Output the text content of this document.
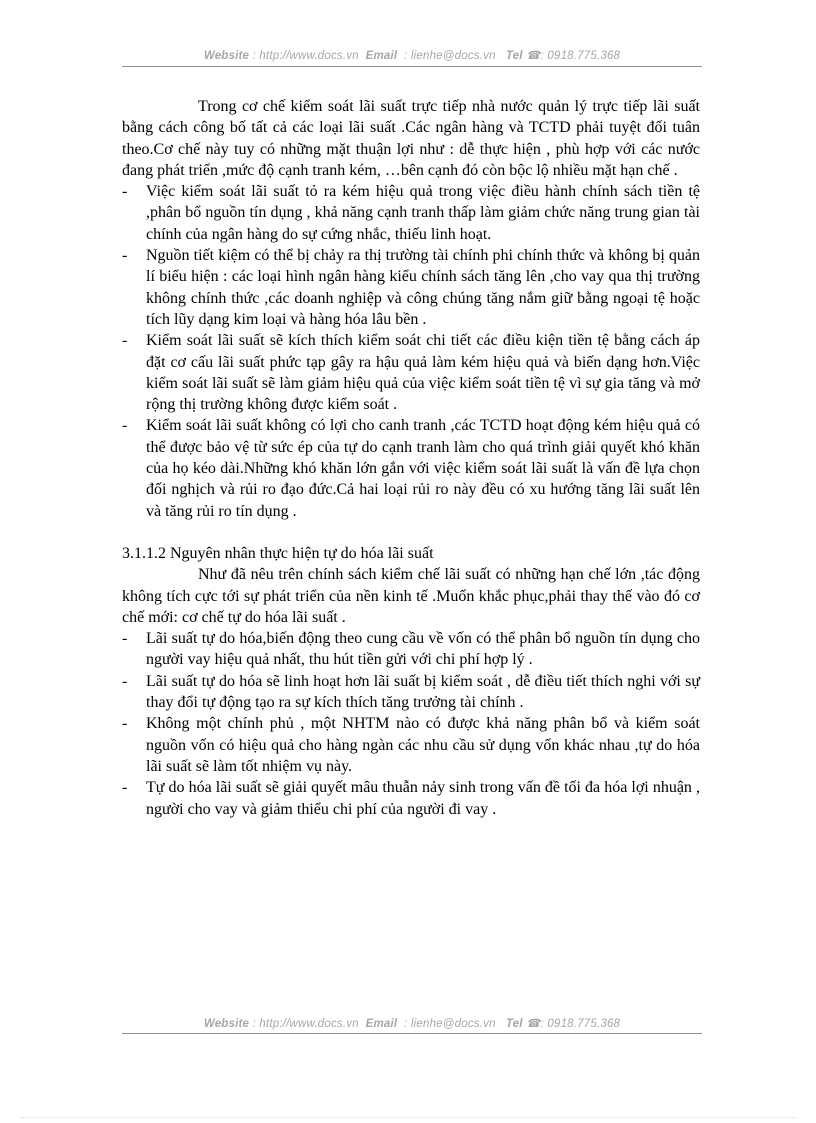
Website : http://www.docs.vn Email : lienhe@docs.vn Tel ☎: 0918.775.368

Trong cơ chế kiểm soát lãi suất trực tiếp nhà nước quản lý trực tiếp lãi suất bằng cách công bố tất cả các loại lãi suất .Các ngân hàng và TCTD phải tuyệt đối tuân theo.Cơ chế này tuy có những mặt thuận lợi như : dễ thực hiện , phù hợp với các nước đang phát triển ,mức độ cạnh tranh kém, …bên cạnh đó còn bộc lộ nhiều mặt hạn chế .

- Việc kiểm soát lãi suất tỏ ra kém hiệu quả trong việc điều hành chính sách tiền tệ ,phân bổ nguồn tín dụng , khả năng cạnh tranh thấp làm giảm chức năng trung gian tài chính của ngân hàng do sự cứng nhắc, thiếu linh hoạt.
- Nguồn tiết kiệm có thể bị chảy ra thị trường tài chính phi chính thức và không bị quản lí biểu hiện : các loại hình ngân hàng kiểu chính sách tăng lên ,cho vay qua thị trường không chính thức ,các doanh nghiệp và công chúng tăng nắm giữ bằng ngoại tệ hoặc tích lũy dạng kim loại và hàng hóa lâu bền .
- Kiểm soát lãi suất sẽ kích thích kiểm soát chi tiết các điều kiện tiền tệ bằng cách áp đặt cơ cấu lãi suất phức tạp gây ra hậu quả làm kém hiệu quả và biến dạng hơn.Việc kiểm soát lãi suất sẽ làm giảm hiệu quả của việc kiểm soát tiền tệ vì sự gia tăng và mở rộng thị trường không được kiểm soát .
- Kiểm soát lãi suất không có lợi cho canh tranh ,các TCTD hoạt động kém hiệu quả có thể được bảo vệ từ sức ép của tự do cạnh tranh làm cho quá trình giải quyết khó khăn của họ kéo dài.Những khó khăn lớn gắn với việc kiểm soát lãi suất là vấn đề lựa chọn đối nghịch và rủi ro đạo đức.Cả hai loại rủi ro này đều có xu hướng tăng lãi suất lên và tăng rủi ro tín dụng .

3.1.1.2 Nguyên nhân thực hiện tự do hóa lãi suất

Như đã nêu trên chính sách kiểm chế lãi suất có những hạn chế lớn ,tác động không tích cực tới sự phát triển của nền kinh tế .Muốn khắc phục,phải thay thế vào đó cơ chế mới: cơ chế tự do hóa lãi suất .

- Lãi suất tự do hóa,biến động theo cung cầu về vốn có thể phân bổ nguồn tín dụng cho người vay hiệu quả nhất, thu hút tiền gửi với chi phí hợp lý .
- Lãi suất tự do hóa sẽ linh hoạt hơn lãi suất bị kiểm soát , dễ điều tiết thích nghi với sự thay đổi tự động tạo ra sự kích thích tăng trưởng tài chính .
- Không một chính phủ , một NHTM nào có được khả năng phân bổ và kiểm soát nguồn vốn có hiệu quả cho hàng ngàn các nhu cầu sử dụng vốn khác nhau ,tự do hóa lãi suất sẽ làm tốt nhiệm vụ này.
- Tự do hóa lãi suất sẽ giải quyết mâu thuẫn nảy sinh trong vấn đề tối đa hóa lợi nhuận , người cho vay và giảm thiểu chi phí của người đi vay .
Website : http://www.docs.vn Email : lienhe@docs.vn Tel ☎: 0918.775.368
